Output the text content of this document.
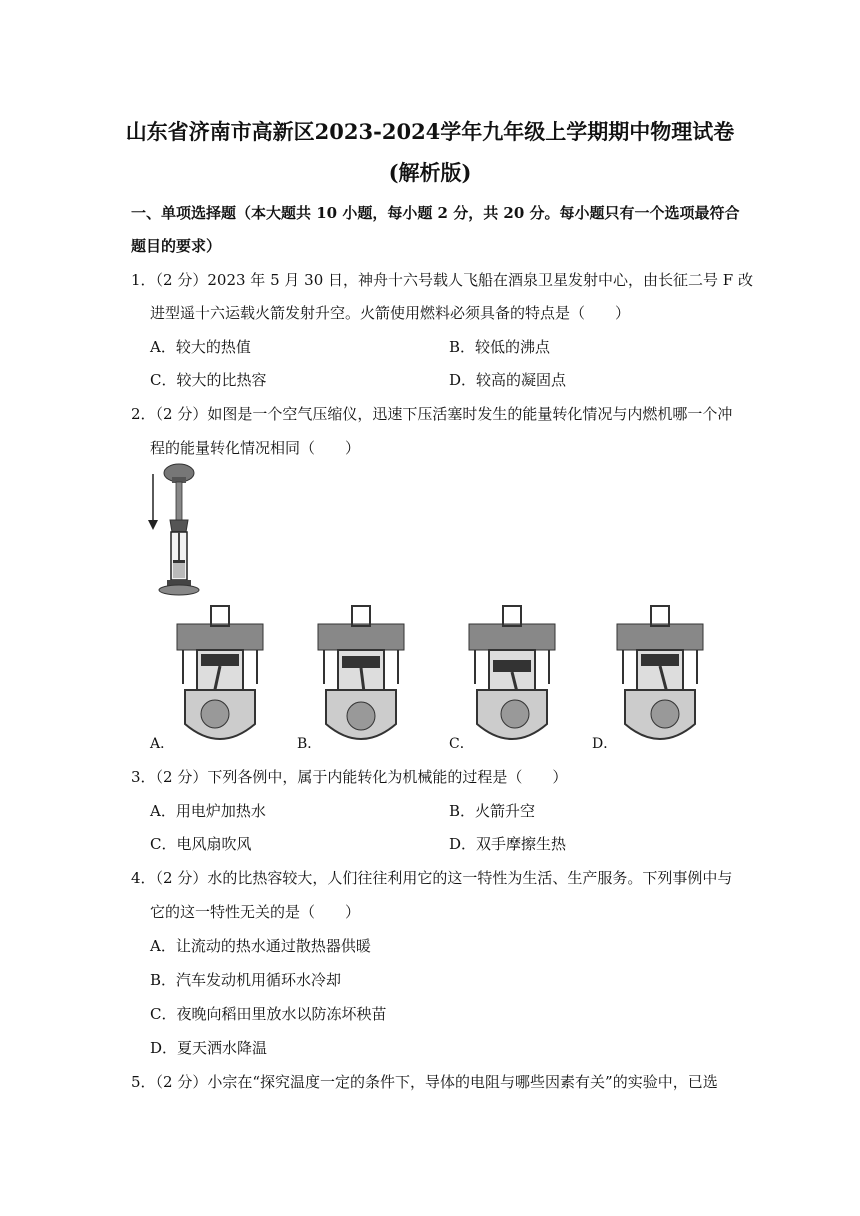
山东省济南市高新区2023-2024学年九年级上学期期中物理试卷
(解析版)
一、单项选择题（本大题共 10 小题，每小题 2 分，共 20 分。每小题只有一个选项最符合
题目的要求）
1．（2 分）2023 年 5 月 30 日，神舟十六号载人飞船在酒泉卫星发射中心，由长征二号 F 改
进型遥十六运载火箭发射升空。火箭使用燃料必须具备的特点是（　　）
A．较大的热值	B．较低的沸点
C．较大的比热容	D．较高的凝固点
2．（2 分）如图是一个空气压缩仪，迅速下压活塞时发生的能量转化情况与内燃机哪一个冲
程的能量转化情况相同（　　）
A．	B．	C．	D．
3．（2 分）下列各例中，属于内能转化为机械能的过程是（　　）
A．用电炉加热水	B．火箭升空
C．电风扇吹风	D．双手摩擦生热
4．（2 分）水的比热容较大，人们往往利用它的这一特性为生活、生产服务。下列事例中与
它的这一特性无关的是（　　）
A．让流动的热水通过散热器供暖
B．汽车发动机用循环水冷却
C．夜晚向稻田里放水以防冻坏秧苗
D．夏天洒水降温
5．（2 分）小宗在“探究温度一定的条件下，导体的电阻与哪些因素有关”的实验中，已选
